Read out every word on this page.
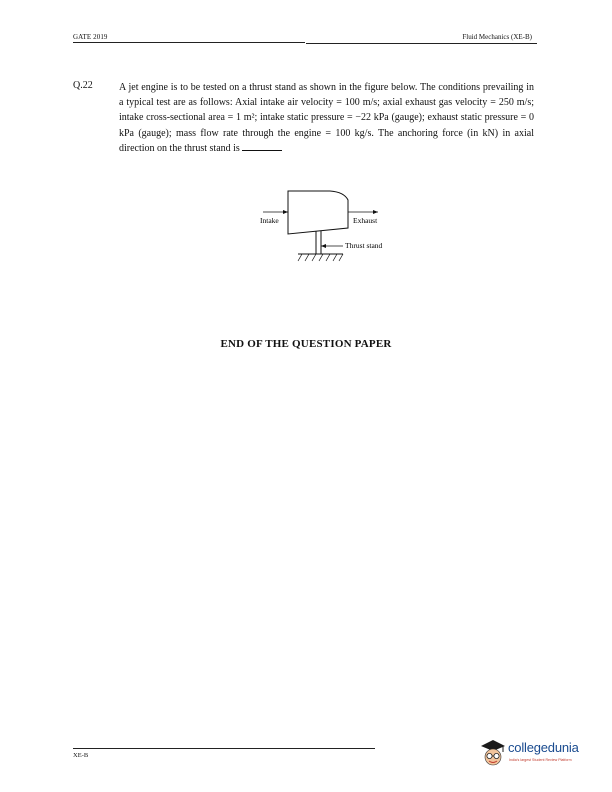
GATE 2019	Fluid Mechanics (XE-B)
Q.22	A jet engine is to be tested on a thrust stand as shown in the figure below. The conditions prevailing in a typical test are as follows: Axial intake air velocity = 100 m/s; axial exhaust gas velocity = 250 m/s; intake cross-sectional area = 1 m²; intake static pressure = −22 kPa (gauge); exhaust static pressure = 0 kPa (gauge); mass flow rate through the engine = 100 kg/s. The anchoring force (in kN) in axial direction on the thrust stand is
Intake	Exhaust
Thrust stand
END OF THE QUESTION PAPER
XE-B
collegedunia
India's largest Student Review Platform
